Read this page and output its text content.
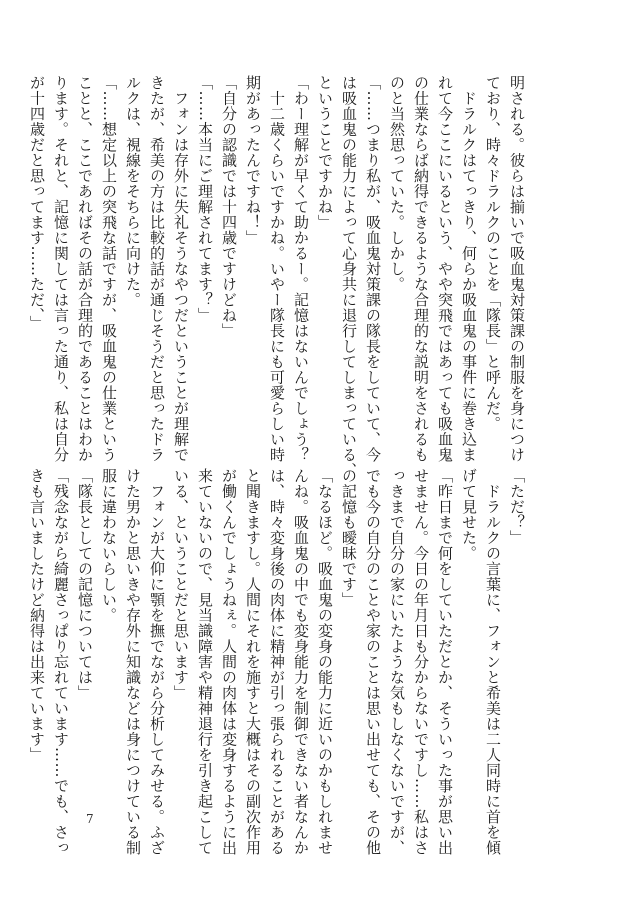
明される。彼らは揃いで吸血鬼対策課の制服を身につけ
ており、時々ドラルクのことを「隊長」と呼んだ。
　ドラルクはてっきり、何らか吸血鬼の事件に巻き込ま
れて今ここにいるという、やや突飛ではあっても吸血鬼
の仕業ならば納得できるような合理的な説明をされるも
のと当然思っていた。しかし。
「……つまり私が、吸血鬼対策課の隊長をしていて、今
は吸血鬼の能力によって心身共に退行してしまっている、
ということですかね」
「わー理解が早くて助かるー。記憶はないんでしょう？
　十二歳くらいですかね。いやー隊長にも可愛らしい時
期があったんですね！」
「自分の認識では十四歳ですけどね」
「……本当にご理解されてます？」
　フォンは存外に失礼そうなやつだということが理解で
きたが、希美の方は比較的話が通じそうだと思ったドラ
ルクは、視線をそちらに向けた。
「……想定以上の突飛な話ですが、吸血鬼の仕業という
ことと、ここであればその話が合理的であることはわか
ります。それと、記憶に関しては言った通り、私は自分
が十四歳だと思ってます……ただ、」
「ただ？」
　ドラルクの言葉に、フォンと希美は二人同時に首を傾
げて見せた。
「昨日まで何をしていただとか、そういった事が思い出
せません。今日の年月日も分からないですし……私はさ
っきまで自分の家にいたような気もしなくないですが、
でも今の自分のことや家のことは思い出せても、その他
の記憶も曖昧です」
「なるほど。吸血鬼の変身の能力に近いのかもしれませ
んね。吸血鬼の中でも変身能力を制御できない者なんか
は、時々変身後の肉体に精神が引っ張られることがある
と聞きますし。人間にそれを施すと大概はその副次作用
が働くんでしょうねぇ。人間の肉体は変身するように出
来ていないので、見当識障害や精神退行を引き起こして
いる、ということだと思います」
　フォンが大仰に顎を撫でながら分析してみせる。ふざ
けた男かと思いきや存外に知識などは身につけている制
服に違わないらしい。
「隊長としての記憶については」
「残念ながら綺麗さっぱり忘れています……でも、さっ
きも言いましたけど納得は出来ています」
7
